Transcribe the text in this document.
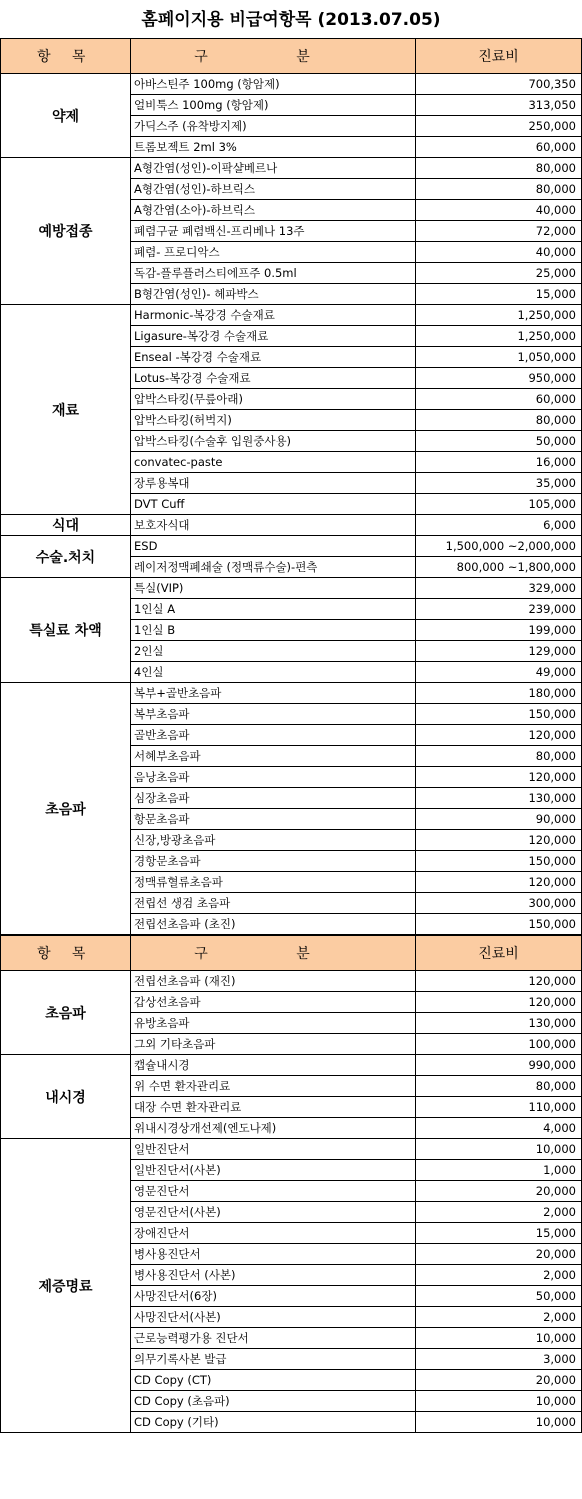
홈페이지용 비급여항목 (2013.07.05)
항 목	구 분	진료비
약제	아바스틴주 100mg (항암제)	700,350
	얼비툭스 100mg (항암제)	313,050
	가딕스주 (유착방지제)	250,000
	트롬보젝트 2ml 3%	60,000
예방접종	A형간염(성인)-이팍샬베르나	80,000
	A형간염(성인)-하브릭스	80,000
	A형간염(소아)-하브릭스	40,000
	폐렴구균 폐렴백신-프리베나 13주	72,000
	폐렴- 프로디악스	40,000
	독감-플루플러스티에프주 0.5ml	25,000
	B형간염(성인)- 헤파박스	15,000
재료	Harmonic-복강경 수술재료	1,250,000
	Ligasure-복강경 수술재료	1,250,000
	Enseal -복강경 수술재료	1,050,000
	Lotus-복강경 수술재료	950,000
	압박스타킹(무릎아래)	60,000
	압박스타킹(허벅지)	80,000
	압박스타킹(수술후 입원중사용)	50,000
	convatec-paste	16,000
	장루용복대	35,000
	DVT Cuff	105,000
식대	보호자식대	6,000
수술.처치	ESD	1,500,000 ~2,000,000
	레이저정맥폐쇄술 (정맥류수술)-편측	800,000 ~1,800,000
특실료 차액	특실(VIP)	329,000
	1인실 A	239,000
	1인실 B	199,000
	2인실	129,000
	4인실	49,000
초음파	복부+골반초음파	180,000
	복부초음파	150,000
	골반초음파	120,000
	서혜부초음파	80,000
	음낭초음파	120,000
	심장초음파	130,000
	항문초음파	90,000
	신장,방광초음파	120,000
	경항문초음파	150,000
	정맥류혈류초음파	120,000
	전립선 생검 초음파	300,000
	전립선초음파 (초진)	150,000
항 목	구 분	진료비
초음파	전립선초음파 (재진)	120,000
	갑상선초음파	120,000
	유방초음파	130,000
	그외 기타초음파	100,000
내시경	캡슐내시경	990,000
	위 수면 환자관리료	80,000
	대장 수면 환자관리료	110,000
	위내시경상개선제(엔도나제)	4,000
제증명료	일반진단서	10,000
	일반진단서(사본)	1,000
	영문진단서	20,000
	영문진단서(사본)	2,000
	장애진단서	15,000
	병사용진단서	20,000
	병사용진단서 (사본)	2,000
	사망진단서(6장)	50,000
	사망진단서(사본)	2,000
	근로능력평가용 진단서	10,000
	의무기록사본 발급	3,000
	CD Copy (CT)	20,000
	CD Copy (초음파)	10,000
	CD Copy (기타)	10,000
